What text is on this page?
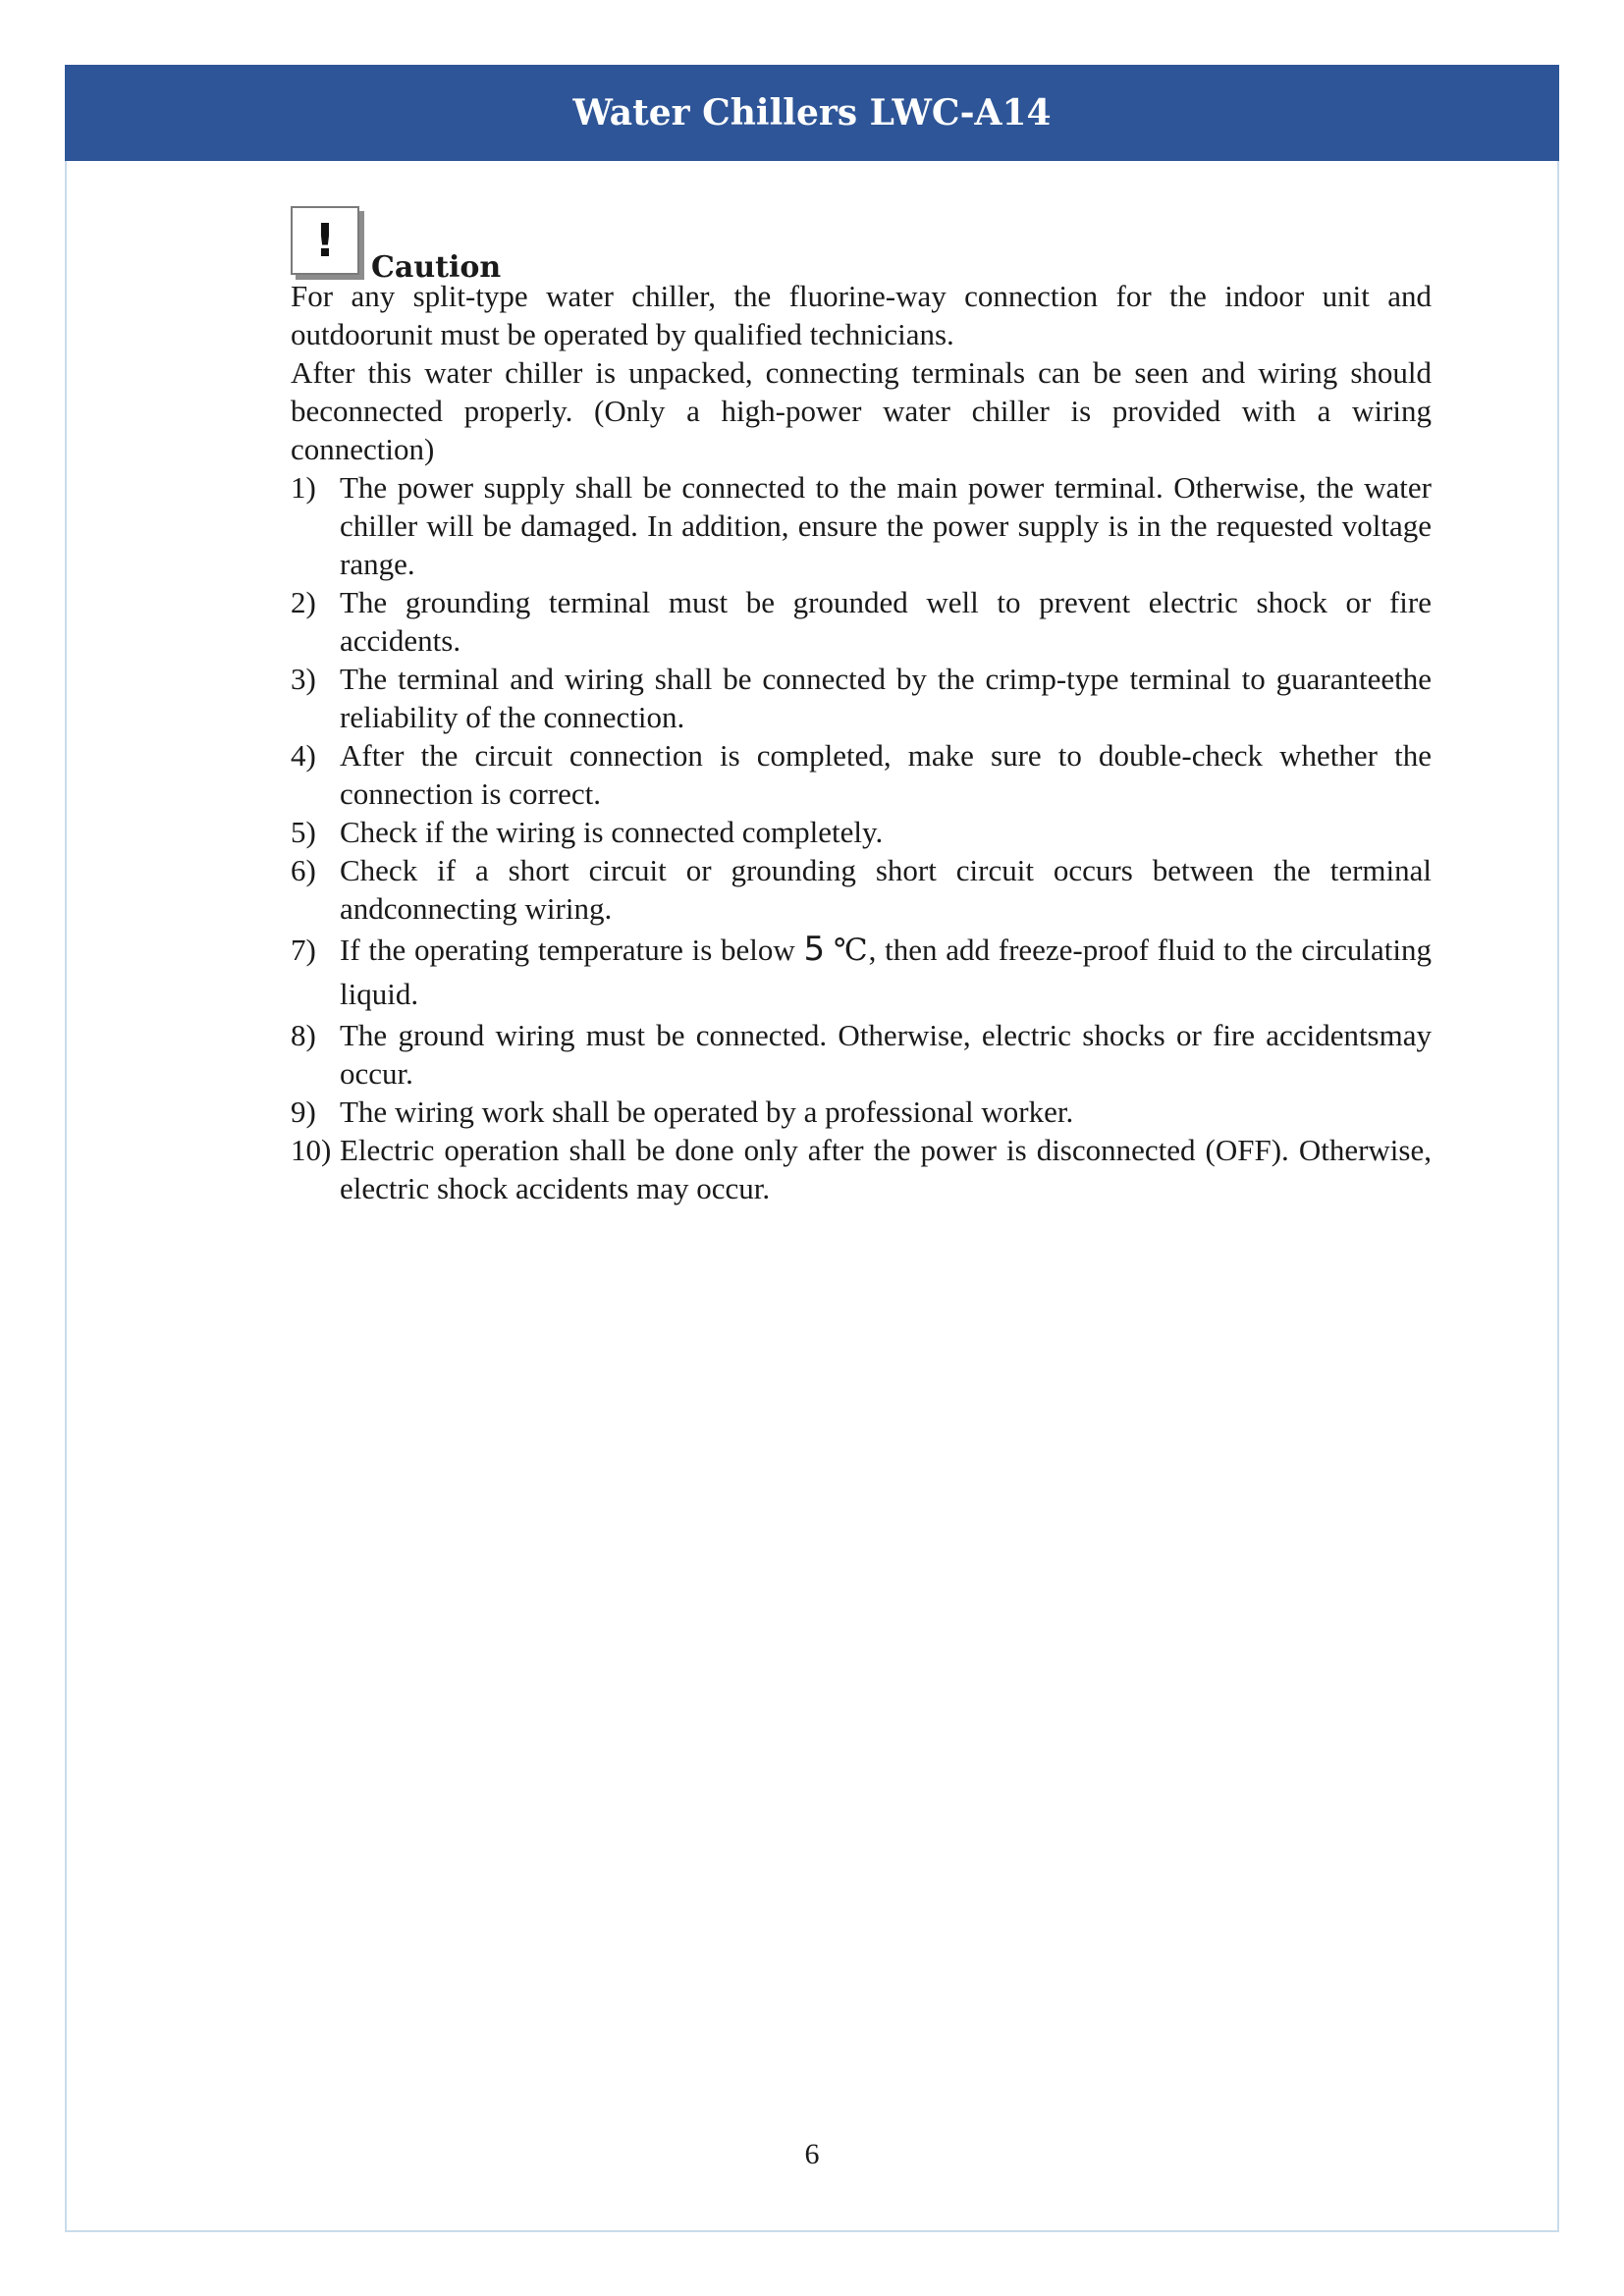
Water Chillers LWC-A14
!
Caution

For any split-type water chiller, the fluorine-way connection for the indoor unit and outdoorunit must be operated by qualified technicians.

After this water chiller is unpacked, connecting terminals can be seen and wiring should beconnected properly. (Only a high-power water chiller is provided with a wiring connection)

1) The power supply shall be connected to the main power terminal. Otherwise, the water chiller will be damaged. In addition, ensure the power supply is in the requested voltage range.
2) The grounding terminal must be grounded well to prevent electric shock or fire accidents.
3) The terminal and wiring shall be connected by the crimp-type terminal to guaranteethe reliability of the connection.
4) After the circuit connection is completed, make sure to double-check whether the connection is correct.
5) Check if the wiring is connected completely.
6) Check if a short circuit or grounding short circuit occurs between the terminal andconnecting wiring.
7) If the operating temperature is below 5 ℃, then add freeze-proof fluid to the circulating liquid.
8) The ground wiring must be connected. Otherwise, electric shocks or fire accidentsmay occur.
9) The wiring work shall be operated by a professional worker.
10) Electric operation shall be done only after the power is disconnected (OFF). Otherwise, electric shock accidents may occur.
6
